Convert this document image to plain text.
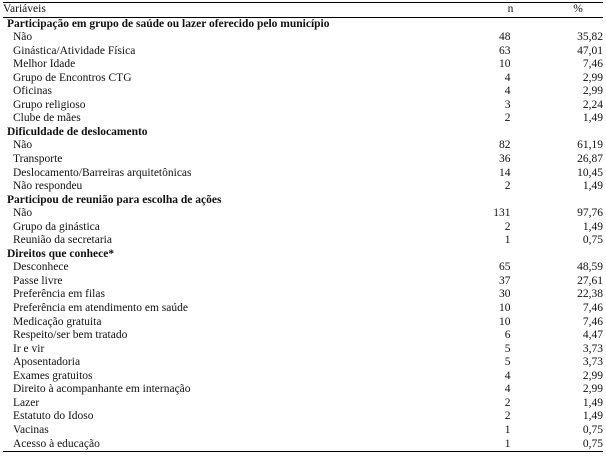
Variáveis	n	%
Participação em grupo de saúde ou lazer oferecido pelo município
Não	48	35,82
Ginástica/Atividade Física	63	47,01
Melhor Idade	10	7,46
Grupo de Encontros CTG	4	2,99
Oficinas	4	2,99
Grupo religioso	3	2,24
Clube de mães	2	1,49
Dificuldade de deslocamento
Não	82	61,19
Transporte	36	26,87
Deslocamento/Barreiras arquitetônicas	14	10,45
Não respondeu	2	1,49
Participou de reunião para escolha de ações
Não	131	97,76
Grupo da ginástica	2	1,49
Reunião da secretaria	1	0,75
Direitos que conhece*
Desconhece	65	48,59
Passe livre	37	27,61
Preferência em filas	30	22,38
Preferência em atendimento em saúde	10	7,46
Medicação gratuita	10	7,46
Respeito/ser bem tratado	6	4,47
Ir e vir	5	3,73
Aposentadoria	5	3,73
Exames gratuitos	4	2,99
Direito à acompanhante em internação	4	2,99
Lazer	2	1,49
Estatuto do Idoso	2	1,49
Vacinas	1	0,75
Acesso à educação	1	0,75
